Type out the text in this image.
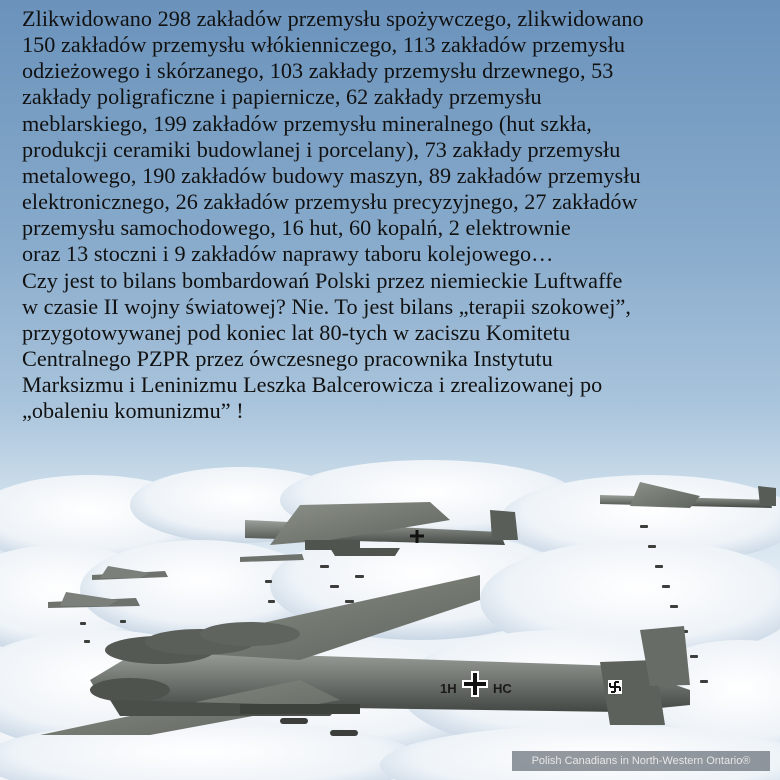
1H	HC

Zlikwidowano 298 zakładów przemysłu spożywczego, zlikwidowano
150 zakładów przemysłu włókienniczego, 113 zakładów przemysłu
odzieżowego i skórzanego, 103 zakłady przemysłu drzewnego, 53
zakłady poligraficzne i papiernicze, 62 zakłady przemysłu
meblarskiego, 199 zakładów przemysłu mineralnego (hut szkła,
produkcji ceramiki budowlanej i porcelany), 73 zakłady przemysłu
metalowego, 190 zakładów budowy maszyn, 89 zakładów przemysłu
elektronicznego, 26 zakładów przemysłu precyzyjnego, 27 zakładów
przemysłu samochodowego, 16 hut, 60 kopalń, 2 elektrownie
oraz 13 stoczni i 9 zakładów naprawy taboru kolejowego…
Czy jest to bilans bombardowań Polski przez niemieckie Luftwaffe
w czasie II wojny światowej? Nie. To jest bilans „terapii szokowej”,
przygotowywanej pod koniec lat 80-tych w zaciszu Komitetu
Centralnego PZPR przez ówczesnego pracownika Instytutu
Marksizmu i Leninizmu Leszka Balcerowicza i zrealizowanej po
„obaleniu komunizmu” !

Polish Canadians in North-Western Ontario®
